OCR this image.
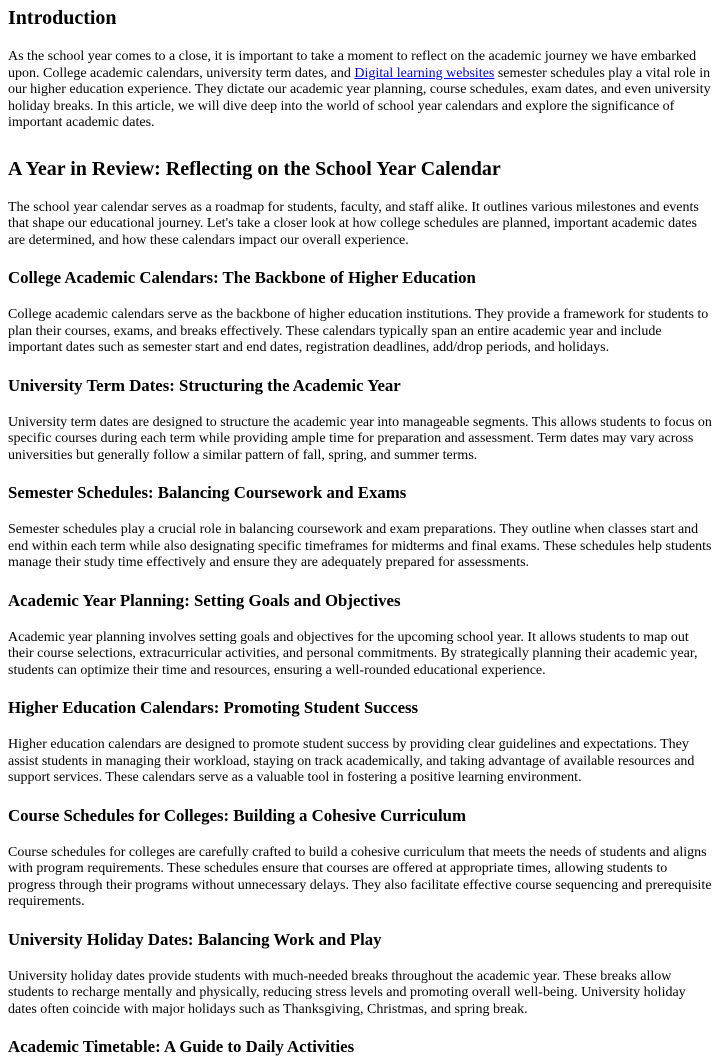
Introduction

As the school year comes to a close, it is important to take a moment to reflect on the academic journey we have embarked upon. College academic calendars, university term dates, and Digital learning websites semester schedules play a vital role in our higher education experience. They dictate our academic year planning, course schedules, exam dates, and even university holiday breaks. In this article, we will dive deep into the world of school year calendars and explore the significance of important academic dates.

A Year in Review: Reflecting on the School Year Calendar

The school year calendar serves as a roadmap for students, faculty, and staff alike. It outlines various milestones and events that shape our educational journey. Let's take a closer look at how college schedules are planned, important academic dates are determined, and how these calendars impact our overall experience.

College Academic Calendars: The Backbone of Higher Education

College academic calendars serve as the backbone of higher education institutions. They provide a framework for students to plan their courses, exams, and breaks effectively. These calendars typically span an entire academic year and include important dates such as semester start and end dates, registration deadlines, add/drop periods, and holidays.

University Term Dates: Structuring the Academic Year

University term dates are designed to structure the academic year into manageable segments. This allows students to focus on specific courses during each term while providing ample time for preparation and assessment. Term dates may vary across universities but generally follow a similar pattern of fall, spring, and summer terms.

Semester Schedules: Balancing Coursework and Exams

Semester schedules play a crucial role in balancing coursework and exam preparations. They outline when classes start and end within each term while also designating specific timeframes for midterms and final exams. These schedules help students manage their study time effectively and ensure they are adequately prepared for assessments.

Academic Year Planning: Setting Goals and Objectives

Academic year planning involves setting goals and objectives for the upcoming school year. It allows students to map out their course selections, extracurricular activities, and personal commitments. By strategically planning their academic year, students can optimize their time and resources, ensuring a well-rounded educational experience.

Higher Education Calendars: Promoting Student Success

Higher education calendars are designed to promote student success by providing clear guidelines and expectations. They assist students in managing their workload, staying on track academically, and taking advantage of available resources and support services. These calendars serve as a valuable tool in fostering a positive learning environment.

Course Schedules for Colleges: Building a Cohesive Curriculum

Course schedules for colleges are carefully crafted to build a cohesive curriculum that meets the needs of students and aligns with program requirements. These schedules ensure that courses are offered at appropriate times, allowing students to progress through their programs without unnecessary delays. They also facilitate effective course sequencing and prerequisite requirements.

University Holiday Dates: Balancing Work and Play

University holiday dates provide students with much-needed breaks throughout the academic year. These breaks allow students to recharge mentally and physically, reducing stress levels and promoting overall well-being. University holiday dates often coincide with major holidays such as Thanksgiving, Christmas, and spring break.

Academic Timetable: A Guide to Daily Activities
